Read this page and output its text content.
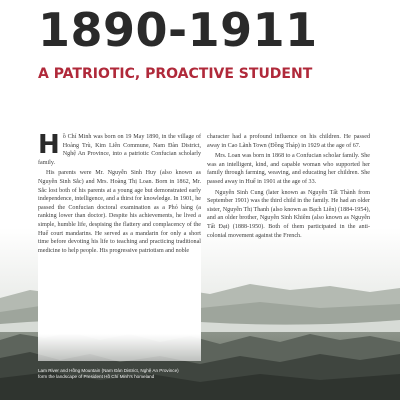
1890-1911
A PATRIOTIC, PROACTIVE STUDENT

Hồ Chí Minh was born on 19 May 1890, in the village of Hoàng Trù, Kim Liên Commune, Nam Đàn District, Nghệ An Province, into a patriotic Confucian scholarly family.

His parents were Mr. Nguyễn Sinh Huy (also known as Nguyễn Sinh Sắc) and Mrs. Hoàng Thị Loan. Born in 1862, Mr. Sắc lost both of his parents at a young age but demonstrated early independence, intelligence, and a thirst for knowledge. In 1901, he passed the Confucian doctoral examination as a Phó bảng (a ranking lower than doctor). Despite his achievements, he lived a simple, humble life, despising the flattery and complacency of the Huế court mandarins. He served as a mandarin for only a short time before devoting his life to teaching and practicing traditional medicine to help people. His progressive patriotism and noble

character had a profound influence on his children. He passed away in Cao Lãnh Town (Đồng Tháp) in 1929 at the age of 67.

Mrs. Loan was born in 1868 to a Confucian scholar family. She was an intelligent, kind, and capable woman who supported her family through farming, weaving, and educating her children. She passed away in Huế in 1901 at the age of 33.

Nguyễn Sinh Cung (later known as Nguyễn Tất Thành from September 1901) was the third child in the family. He had an older sister, Nguyễn Thị Thanh (also known as Bạch Liên) (1884-1954), and an older brother, Nguyễn Sinh Khiêm (also known as Nguyễn Tất Đạt) (1888-1950). Both of them participated in the anti-colonial movement against the French.

Lam River and Hồng Mountain (Nam Đàn District, Nghệ An Province)
form the landscape of President Hồ Chí Minh's homeland
